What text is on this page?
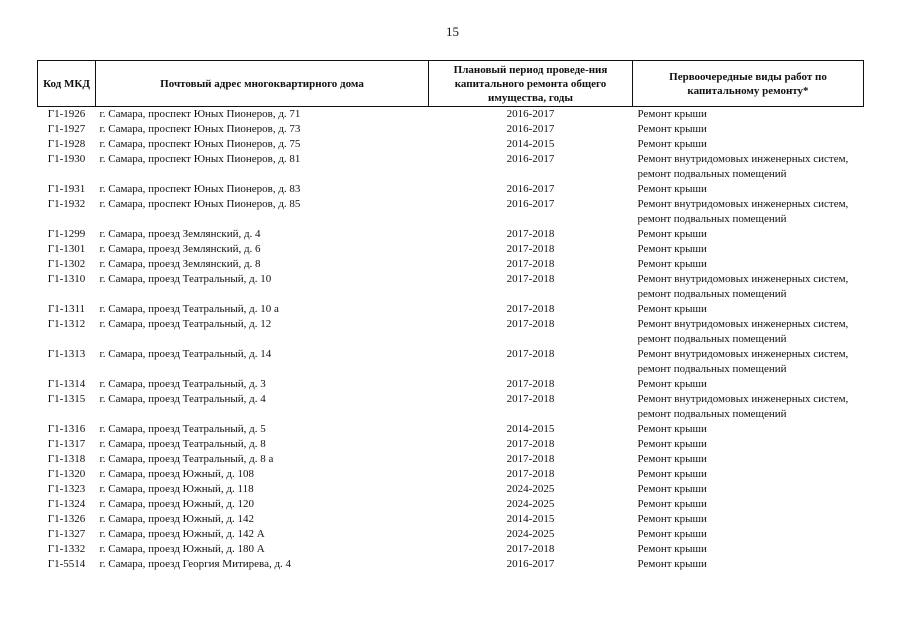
15
Код МКД	Почтовый адрес многоквартирного дома	Плановый период проведе-ния капитального ремонта общего имущества, годы	Первоочередные виды работ по капитальному ремонту*
Г1-1926	г. Самара, проспект Юных Пионеров, д. 71	2016-2017	Ремонт крыши
Г1-1927	г. Самара, проспект Юных Пионеров, д. 73	2016-2017	Ремонт крыши
Г1-1928	г. Самара, проспект Юных Пионеров, д. 75	2014-2015	Ремонт крыши
Г1-1930	г. Самара, проспект Юных Пионеров, д. 81	2016-2017	Ремонт внутридомовых инженерных систем, ремонт подвальных помещений
Г1-1931	г. Самара, проспект Юных Пионеров, д. 83	2016-2017	Ремонт крыши
Г1-1932	г. Самара, проспект Юных Пионеров, д. 85	2016-2017	Ремонт внутридомовых инженерных систем, ремонт подвальных помещений
Г1-1299	г. Самара, проезд Землянский, д. 4	2017-2018	Ремонт крыши
Г1-1301	г. Самара, проезд Землянский, д. 6	2017-2018	Ремонт крыши
Г1-1302	г. Самара, проезд Землянский, д. 8	2017-2018	Ремонт крыши
Г1-1310	г. Самара, проезд Театральный, д. 10	2017-2018	Ремонт внутридомовых инженерных систем, ремонт подвальных помещений
Г1-1311	г. Самара, проезд Театральный, д. 10 а	2017-2018	Ремонт крыши
Г1-1312	г. Самара, проезд Театральный, д. 12	2017-2018	Ремонт внутридомовых инженерных систем, ремонт подвальных помещений
Г1-1313	г. Самара, проезд Театральный, д. 14	2017-2018	Ремонт внутридомовых инженерных систем, ремонт подвальных помещений
Г1-1314	г. Самара, проезд Театральный, д. 3	2017-2018	Ремонт крыши
Г1-1315	г. Самара, проезд Театральный, д. 4	2017-2018	Ремонт внутридомовых инженерных систем, ремонт подвальных помещений
Г1-1316	г. Самара, проезд Театральный, д. 5	2014-2015	Ремонт крыши
Г1-1317	г. Самара, проезд Театральный, д. 8	2017-2018	Ремонт крыши
Г1-1318	г. Самара, проезд Театральный, д. 8 а	2017-2018	Ремонт крыши
Г1-1320	г. Самара, проезд Южный, д. 108	2017-2018	Ремонт крыши
Г1-1323	г. Самара, проезд Южный, д. 118	2024-2025	Ремонт крыши
Г1-1324	г. Самара, проезд Южный, д. 120	2024-2025	Ремонт крыши
Г1-1326	г. Самара, проезд Южный, д. 142	2014-2015	Ремонт крыши
Г1-1327	г. Самара, проезд Южный, д. 142 А	2024-2025	Ремонт крыши
Г1-1332	г. Самара, проезд Южный, д. 180 А	2017-2018	Ремонт крыши
Г1-5514	г. Самара, проезд Георгия Митирева, д. 4	2016-2017	Ремонт крыши
